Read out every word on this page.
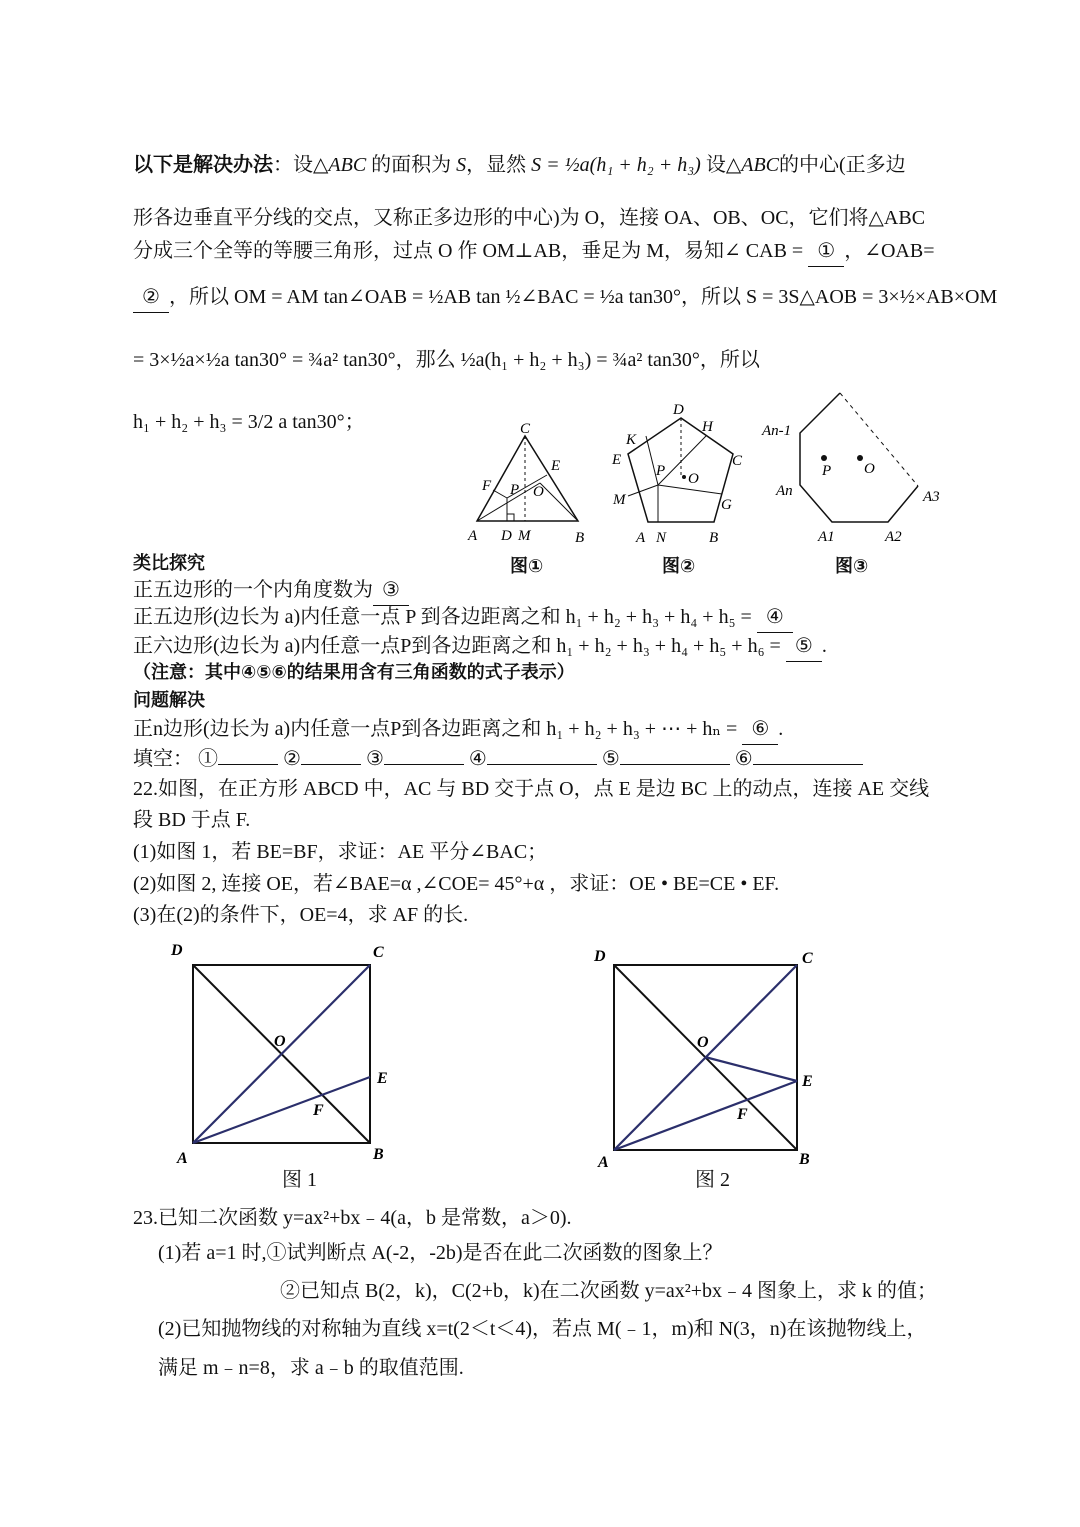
以下是解决办法：设△ABC 的面积为 S，显然 S = ½a(h₁ + h₂ + h₃) 设△ABC的中心(正多边
形各边垂直平分线的交点，又称正多边形的中心)为 O，连接 OA、OB、OC，它们将△ABC
分成三个全等的等腰三角形，过点 O 作 OM⊥AB，垂足为 M，易知∠ CAB = ① ，∠OAB=
② ，所以 OM = AM tan∠OAB = ½AB tan ½∠BAC = ½a tan30°，所以 S = 3S△AOB = 3×½×AB×OM
= 3×½a×½a tan30° = ¾a² tan30°，那么 ½a(h₁ + h₂ + h₃) = ¾a² tan30°，所以
h₁ + h₂ + h₃ = 3/2 a tan30°；	C
E
F P O
A D M	B
图①
D
K
H
E
P O
C
M	G
A N	B
图②
An-1
P O
An	A3
A1	A2
图③
类比探究
正五边形的一个内角度数为 ③
正五边形(边长为 a)内任意一点 P 到各边距离之和 h₁ + h₂ + h₃ + h₄ + h₅ = ④
正六边形(边长为 a)内任意一点P到各边距离之和 h₁ + h₂ + h₃ + h₄ + h₅ + h₆ = ⑤ .
（注意：其中④⑤⑥的结果用含有三角函数的式子表示）
问题解决
正n边形(边长为 a)内任意一点P到各边距离之和 h₁ + h₂ + h₃ + ⋯ + hₙ = ⑥ .
填空： ①	②	③	④	⑤	⑥
22.如图，在正方形 ABCD 中，AC 与 BD 交于点 O，点 E 是边 BC 上的动点，连接 AE 交线
段 BD 于点 F.
(1)如图 1，若 BE=BF，求证：AE 平分∠BAC；
(2)如图 2, 连接 OE，若∠BAE=α ,∠COE= 45°+α ，求证：OE • BE=CE • EF.
(3)在(2)的条件下，OE=4，求 AF 的长.
D	C
O
E
F
A	B
图 1
D	C
O
E
F
A	B
图 2
23.已知二次函数 y=ax²+bx﹣4(a，b 是常数，a＞0).
(1)若 a=1 时,①试判断点 A(-2，-2b)是否在此二次函数的图象上？
②已知点 B(2，k)，C(2+b，k)在二次函数 y=ax²+bx﹣4 图象上，求 k 的值；
(2)已知抛物线的对称轴为直线 x=t(2＜t＜4)，若点 M(﹣1，m)和 N(3，n)在该抛物线上，
满足 m﹣n=8，求 a﹣b 的取值范围.
